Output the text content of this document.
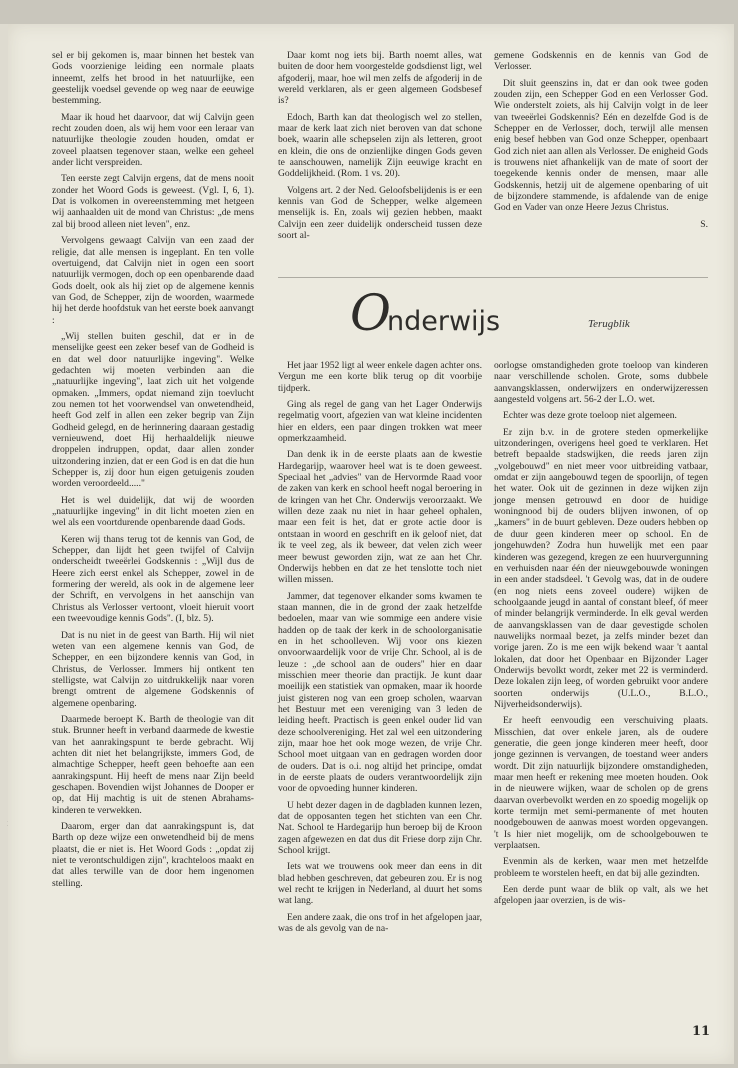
sel er bij gekomen is, maar binnen het bestek van Gods voorzienige leiding een normale plaats inneemt, zelfs het brood in het natuurlijke, een geestelijk voedsel gevende op weg naar de eeuwige bestemming.

Maar ik houd het daarvoor, dat wij Calvijn geen recht zouden doen, als wij hem voor een leraar van natuurlijke theologie zouden houden, omdat er zoveel plaatsen tegenover staan, welke een geheel ander licht verspreiden.

Ten eerste zegt Calvijn ergens, dat de mens nooit zonder het Woord Gods is geweest. (Vgl. I, 6, 1). Dat is volkomen in overeenstemming met hetgeen wij aanhaalden uit de mond van Christus: „de mens zal bij brood alleen niet leven", enz.

Vervolgens gewaagt Calvijn van een zaad der religie, dat alle mensen is ingeplant. En ten volle overtuigend, dat Calvijn niet in ogen een soort natuurlijk vermogen, doch op een openbarende daad Gods doelt, ook als hij ziet op de algemene kennis van God, de Schepper, zijn de woorden, waarmede hij het derde hoofdstuk van het eerste boek aanvangt :

„Wij stellen buiten geschil, dat er in de menselijke geest een zeker besef van de Godheid is en dat wel door natuurlijke ingeving". Welke gedachten wij moeten verbinden aan die „natuurlijke ingeving", laat zich uit het volgende opmaken. „Immers, opdat niemand zijn toevlucht zou nemen tot het voorwendsel van onwetendheid, heeft God zelf in allen een zeker begrip van Zijn Godheid gelegd, en de herinnering daaraan gestadig vernieuwend, doet Hij herhaaldelijk nieuwe droppelen indruppen, opdat, daar allen zonder uitzondering inzien, dat er een God is en dat die hun Schepper is, zij door hun eigen getuigenis zouden worden veroordeeld....."

Het is wel duidelijk, dat wij de woorden „natuurlijke ingeving" in dit licht moeten zien en wel als een voortdurende openbarende daad Gods.

Keren wij thans terug tot de kennis van God, de Schepper, dan lijdt het geen twijfel of Calvijn onderscheidt tweeërlei Godskennis : „Wijl dus de Heere zich eerst enkel als Schepper, zowel in de formering der wereld, als ook in de algemene leer der Schrift, en vervolgens in het aanschijn van Christus als Verlosser vertoont, vloeit hieruit voort een tweevoudige kennis Gods". (I, blz. 5).

Dat is nu niet in de geest van Barth. Hij wil niet weten van een algemene kennis van God, de Schepper, en een bijzondere kennis van God, in Christus, de Verlosser. Immers hij ontkent ten stelligste, wat Calvijn zo uitdrukkelijk naar voren brengt omtrent de algemene Godskennis of algemene openbaring.

Daarmede beroept K. Barth de theologie van dit stuk. Brunner heeft in verband daarmede de kwestie van het aanrakingspunt te berde gebracht. Wij achten dit niet het belangrijkste, immers God, de almachtige Schepper, heeft geen behoefte aan een aanrakingspunt. Hij heeft de mens naar Zijn beeld geschapen. Bovendien wijst Johannes de Dooper er op, dat Hij machtig is uit de stenen Abrahams-kinderen te verwekken.

Daarom, erger dan dat aanrakingspunt is, dat Barth op deze wijze een onwetendheid bij de mens plaatst, die er niet is. Het Woord Gods : „opdat zij niet te verontschuldigen zijn", krachteloos maakt en dat alles terwille van de door hem ingenomen stelling.

Daar komt nog iets bij. Barth noemt alles, wat buiten de door hem voorgestelde godsdienst ligt, wel afgoderij, maar, hoe wil men zelfs de afgoderij in de wereld verklaren, als er geen algemeen Godsbesef is?

Edoch, Barth kan dat theologisch wel zo stellen, maar de kerk laat zich niet beroven van dat schone boek, waarin alle schepselen zijn als letteren, groot en klein, die ons de onzienlijke dingen Gods geven te aanschouwen, namelijk Zijn eeuwige kracht en Goddelijkheid. (Rom. 1 vs. 20).

Volgens art. 2 der Ned. Geloofsbelijdenis is er een kennis van God de Schepper, welke algemeen menselijk is. En, zoals wij gezien hebben, maakt Calvijn een zeer duidelijk onderscheid tussen deze soort al-

gemene Godskennis en de kennis van God de Verlosser.

Dit sluit geenszins in, dat er dan ook twee goden zouden zijn, een Schepper God en een Verlosser God. Wie onderstelt zoiets, als hij Calvijn volgt in de leer van tweeërlei Godskennis? Eén en dezelfde God is de Schepper en de Verlosser, doch, terwijl alle mensen enig besef hebben van God onze Schepper, openbaart God zich niet aan allen als Verlosser. De enigheid Gods is trouwens niet afhankelijk van de mate of soort der toegekende kennis onder de mensen, maar alle Godskennis, hetzij uit de algemene openbaring of uit de bijzondere stammende, is afdalende van de enige God en Vader van onze Heere Jezus Christus.

S.
O
nderwijs	Terugblik

Het jaar 1952 ligt al weer enkele dagen achter ons. Vergun me een korte blik terug op dit voorbije tijdperk.

Ging als regel de gang van het Lager Onderwijs regelmatig voort, afgezien van wat kleine incidenten hier en elders, een paar dingen trokken wat meer opmerkzaamheid.

Dan denk ik in de eerste plaats aan de kwestie Hardegarijp, waarover heel wat is te doen geweest. Speciaal het „advies" van de Hervormde Raad voor de zaken van kerk en school heeft nogal beroering in de kringen van het Chr. Onderwijs veroorzaakt. We willen deze zaak nu niet in haar geheel ophalen, maar een feit is het, dat er grote actie door is ontstaan in woord en geschrift en ik geloof niet, dat ik te veel zeg, als ik beweer, dat velen zich weer meer bewust geworden zijn, wat ze aan het Chr. Onderwijs hebben en dat ze het tenslotte toch niet willen missen.

Jammer, dat tegenover elkander soms kwamen te staan mannen, die in de grond der zaak hetzelfde bedoelen, maar van wie sommige een andere visie hadden op de taak der kerk in de schoolorganisatie en in het schoolleven. Wij voor ons kiezen onvoorwaardelijk voor de vrije Chr. School, al is de leuze : „de school aan de ouders" hier en daar misschien meer theorie dan practijk. Je kunt daar moeilijk een statistiek van opmaken, maar ik hoorde juist gisteren nog van een groep scholen, waarvan het Bestuur met een vereniging van 3 leden de leiding heeft. Practisch is geen enkel ouder lid van deze schoolvereniging. Het zal wel een uitzondering zijn, maar hoe het ook moge wezen, de vrije Chr. School moet uitgaan van en gedragen worden door de ouders. Dat is o.i. nog altijd het principe, omdat in de eerste plaats de ouders verantwoordelijk zijn voor de opvoeding hunner kinderen.

U hebt dezer dagen in de dagbladen kunnen lezen, dat de opposanten tegen het stichten van een Chr. Nat. School te Hardegarijp hun beroep bij de Kroon zagen afgewezen en dat dus dit Friese dorp zijn Chr. School krijgt.

Iets wat we trouwens ook meer dan eens in dit blad hebben geschreven, dat gebeuren zou. Er is nog wel recht te krijgen in Nederland, al duurt het soms wat lang.

Een andere zaak, die ons trof in het afgelopen jaar, was de als gevolg van de na-

oorlogse omstandigheden grote toeloop van kinderen naar verschillende scholen. Grote, soms dubbele aanvangsklassen, onderwijzers en onderwijzeressen aangesteld volgens art. 56-2 der L.O. wet.

Echter was deze grote toeloop niet algemeen.

Er zijn b.v. in de grotere steden opmerkelijke uitzonderingen, overigens heel goed te verklaren. Het betreft bepaalde stadswijken, die reeds jaren zijn „volgebouwd" en niet meer voor uitbreiding vatbaar, omdat er zijn aangebouwd tegen de spoorlijn, of tegen het water. Ook uit de gezinnen in deze wijken zijn jonge mensen getrouwd en door de huidige woningnood bij de ouders blijven inwonen, of op „kamers" in de buurt gebleven. Deze ouders hebben op de duur geen kinderen meer op school. En de jongehuwden? Zodra hun huwelijk met een paar kinderen was gezegend, kregen ze een huurvergunning en verhuisden naar één der nieuwgebouwde woningen in een ander stadsdeel. 't Gevolg was, dat in de oudere (en nog niets eens zoveel oudere) wijken de schoolgaande jeugd in aantal of constant bleef, óf meer of minder belangrijk verminderde. In elk geval werden de aanvangsklassen van de daar gevestigde scholen nauwelijks normaal bezet, ja zelfs minder bezet dan vorige jaren. Zo is me een wijk bekend waar 't aantal lokalen, dat door het Openbaar en Bijzonder Lager Onderwijs bevolkt wordt, zeker met 22 is verminderd. Deze lokalen zijn leeg, of worden gebruikt voor andere soorten onderwijs (U.L.O., B.L.O., Nijverheidsonderwijs).

Er heeft eenvoudig een verschuiving plaats. Misschien, dat over enkele jaren, als de oudere generatie, die geen jonge kinderen meer heeft, door jonge gezinnen is vervangen, de toestand weer anders wordt. Dit zijn natuurlijk bijzondere omstandigheden, maar men heeft er rekening mee moeten houden. Ook in de nieuwere wijken, waar de scholen op de grens daarvan overbevolkt werden en zo spoedig mogelijk op korte termijn met semi-permanente of met houten noodgebouwen de aanwas moest worden opgevangen. 't Is hier niet mogelijk, om de schoolgebouwen te verplaatsen.

Evenmin als de kerken, waar men met hetzelfde probleem te worstelen heeft, en dat bij alle gezindten.

Een derde punt waar de blik op valt, als we het afgelopen jaar overzien, is de wis-

11
